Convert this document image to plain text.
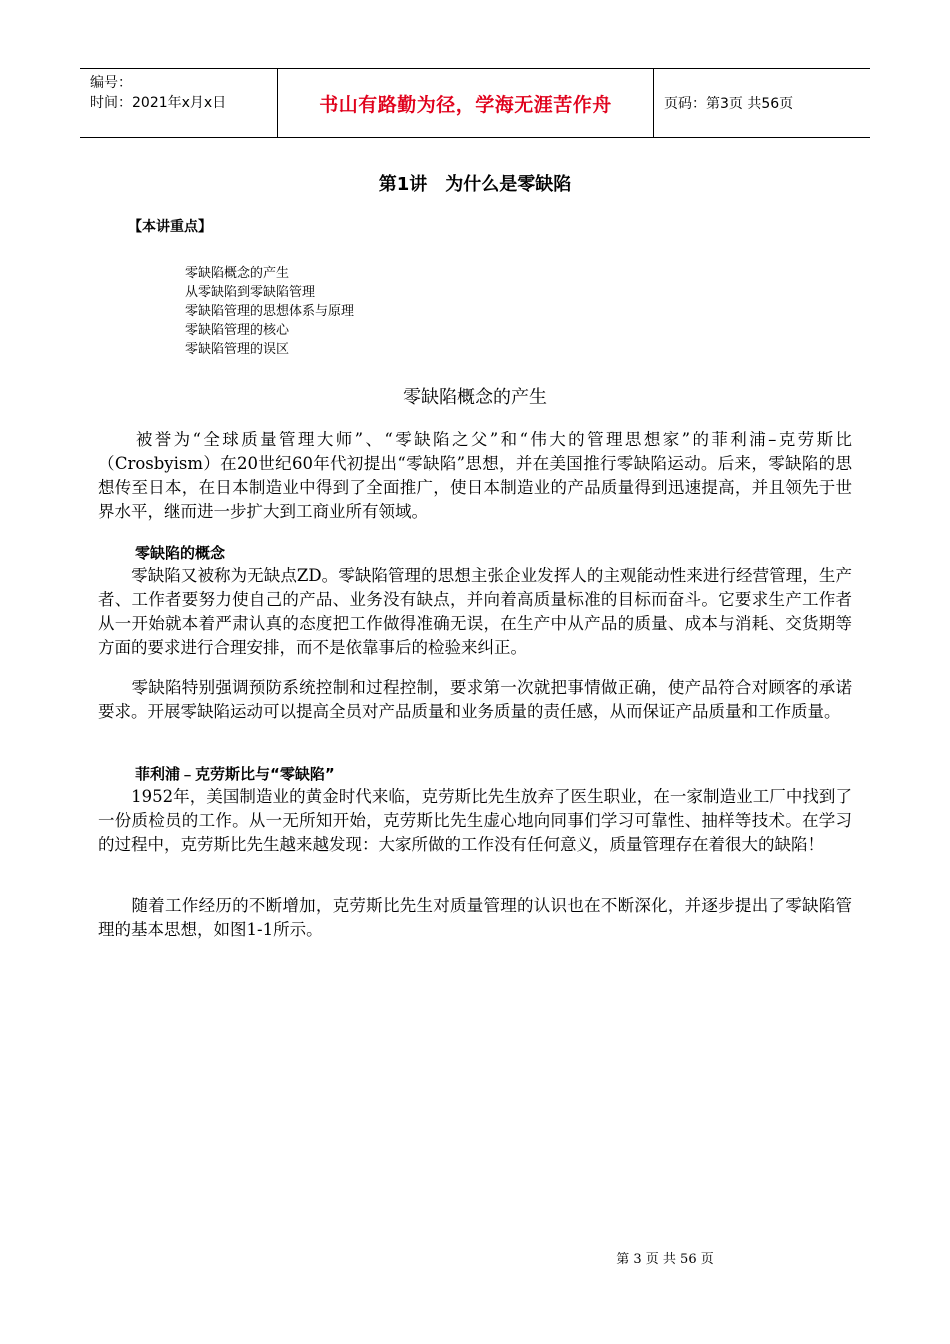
编号：
时间：2021年x月x日	书山有路勤为径，学海无涯苦作舟	页码：第3页 共56页
第1讲　为什么是零缺陷
【本讲重点】
零缺陷概念的产生
从零缺陷到零缺陷管理
零缺陷管理的思想体系与原理
零缺陷管理的核心
零缺陷管理的误区
零缺陷概念的产生

　　被誉为“全球质量管理大师”、“零缺陷之父”和“伟大的管理思想家”的菲利浦–克劳斯比（Crosbyism）在20世纪60年代初提出“零缺陷”思想，并在美国推行零缺陷运动。后来，零缺陷的思想传至日本，在日本制造业中得到了全面推广，使日本制造业的产品质量得到迅速提高，并且领先于世界水平，继而进一步扩大到工商业所有领域。

零缺陷的概念

　　零缺陷又被称为无缺点ZD。零缺陷管理的思想主张企业发挥人的主观能动性来进行经营管理，生产者、工作者要努力使自己的产品、业务没有缺点，并向着高质量标准的目标而奋斗。它要求生产工作者从一开始就本着严肃认真的态度把工作做得准确无误，在生产中从产品的质量、成本与消耗、交货期等方面的要求进行合理安排，而不是依靠事后的检验来纠正。

　　零缺陷特别强调预防系统控制和过程控制，要求第一次就把事情做正确，使产品符合对顾客的承诺要求。开展零缺陷运动可以提高全员对产品质量和业务质量的责任感，从而保证产品质量和工作质量。

菲利浦﹣克劳斯比与“零缺陷”

　　1952年，美国制造业的黄金时代来临，克劳斯比先生放弃了医生职业，在一家制造业工厂中找到了一份质检员的工作。从一无所知开始，克劳斯比先生虚心地向同事们学习可靠性、抽样等技术。在学习的过程中，克劳斯比先生越来越发现：大家所做的工作没有任何意义，质量管理存在着很大的缺陷！

　　随着工作经历的不断增加，克劳斯比先生对质量管理的认识也在不断深化，并逐步提出了零缺陷管理的基本思想，如图1-1所示。

第 3 页 共 56 页
